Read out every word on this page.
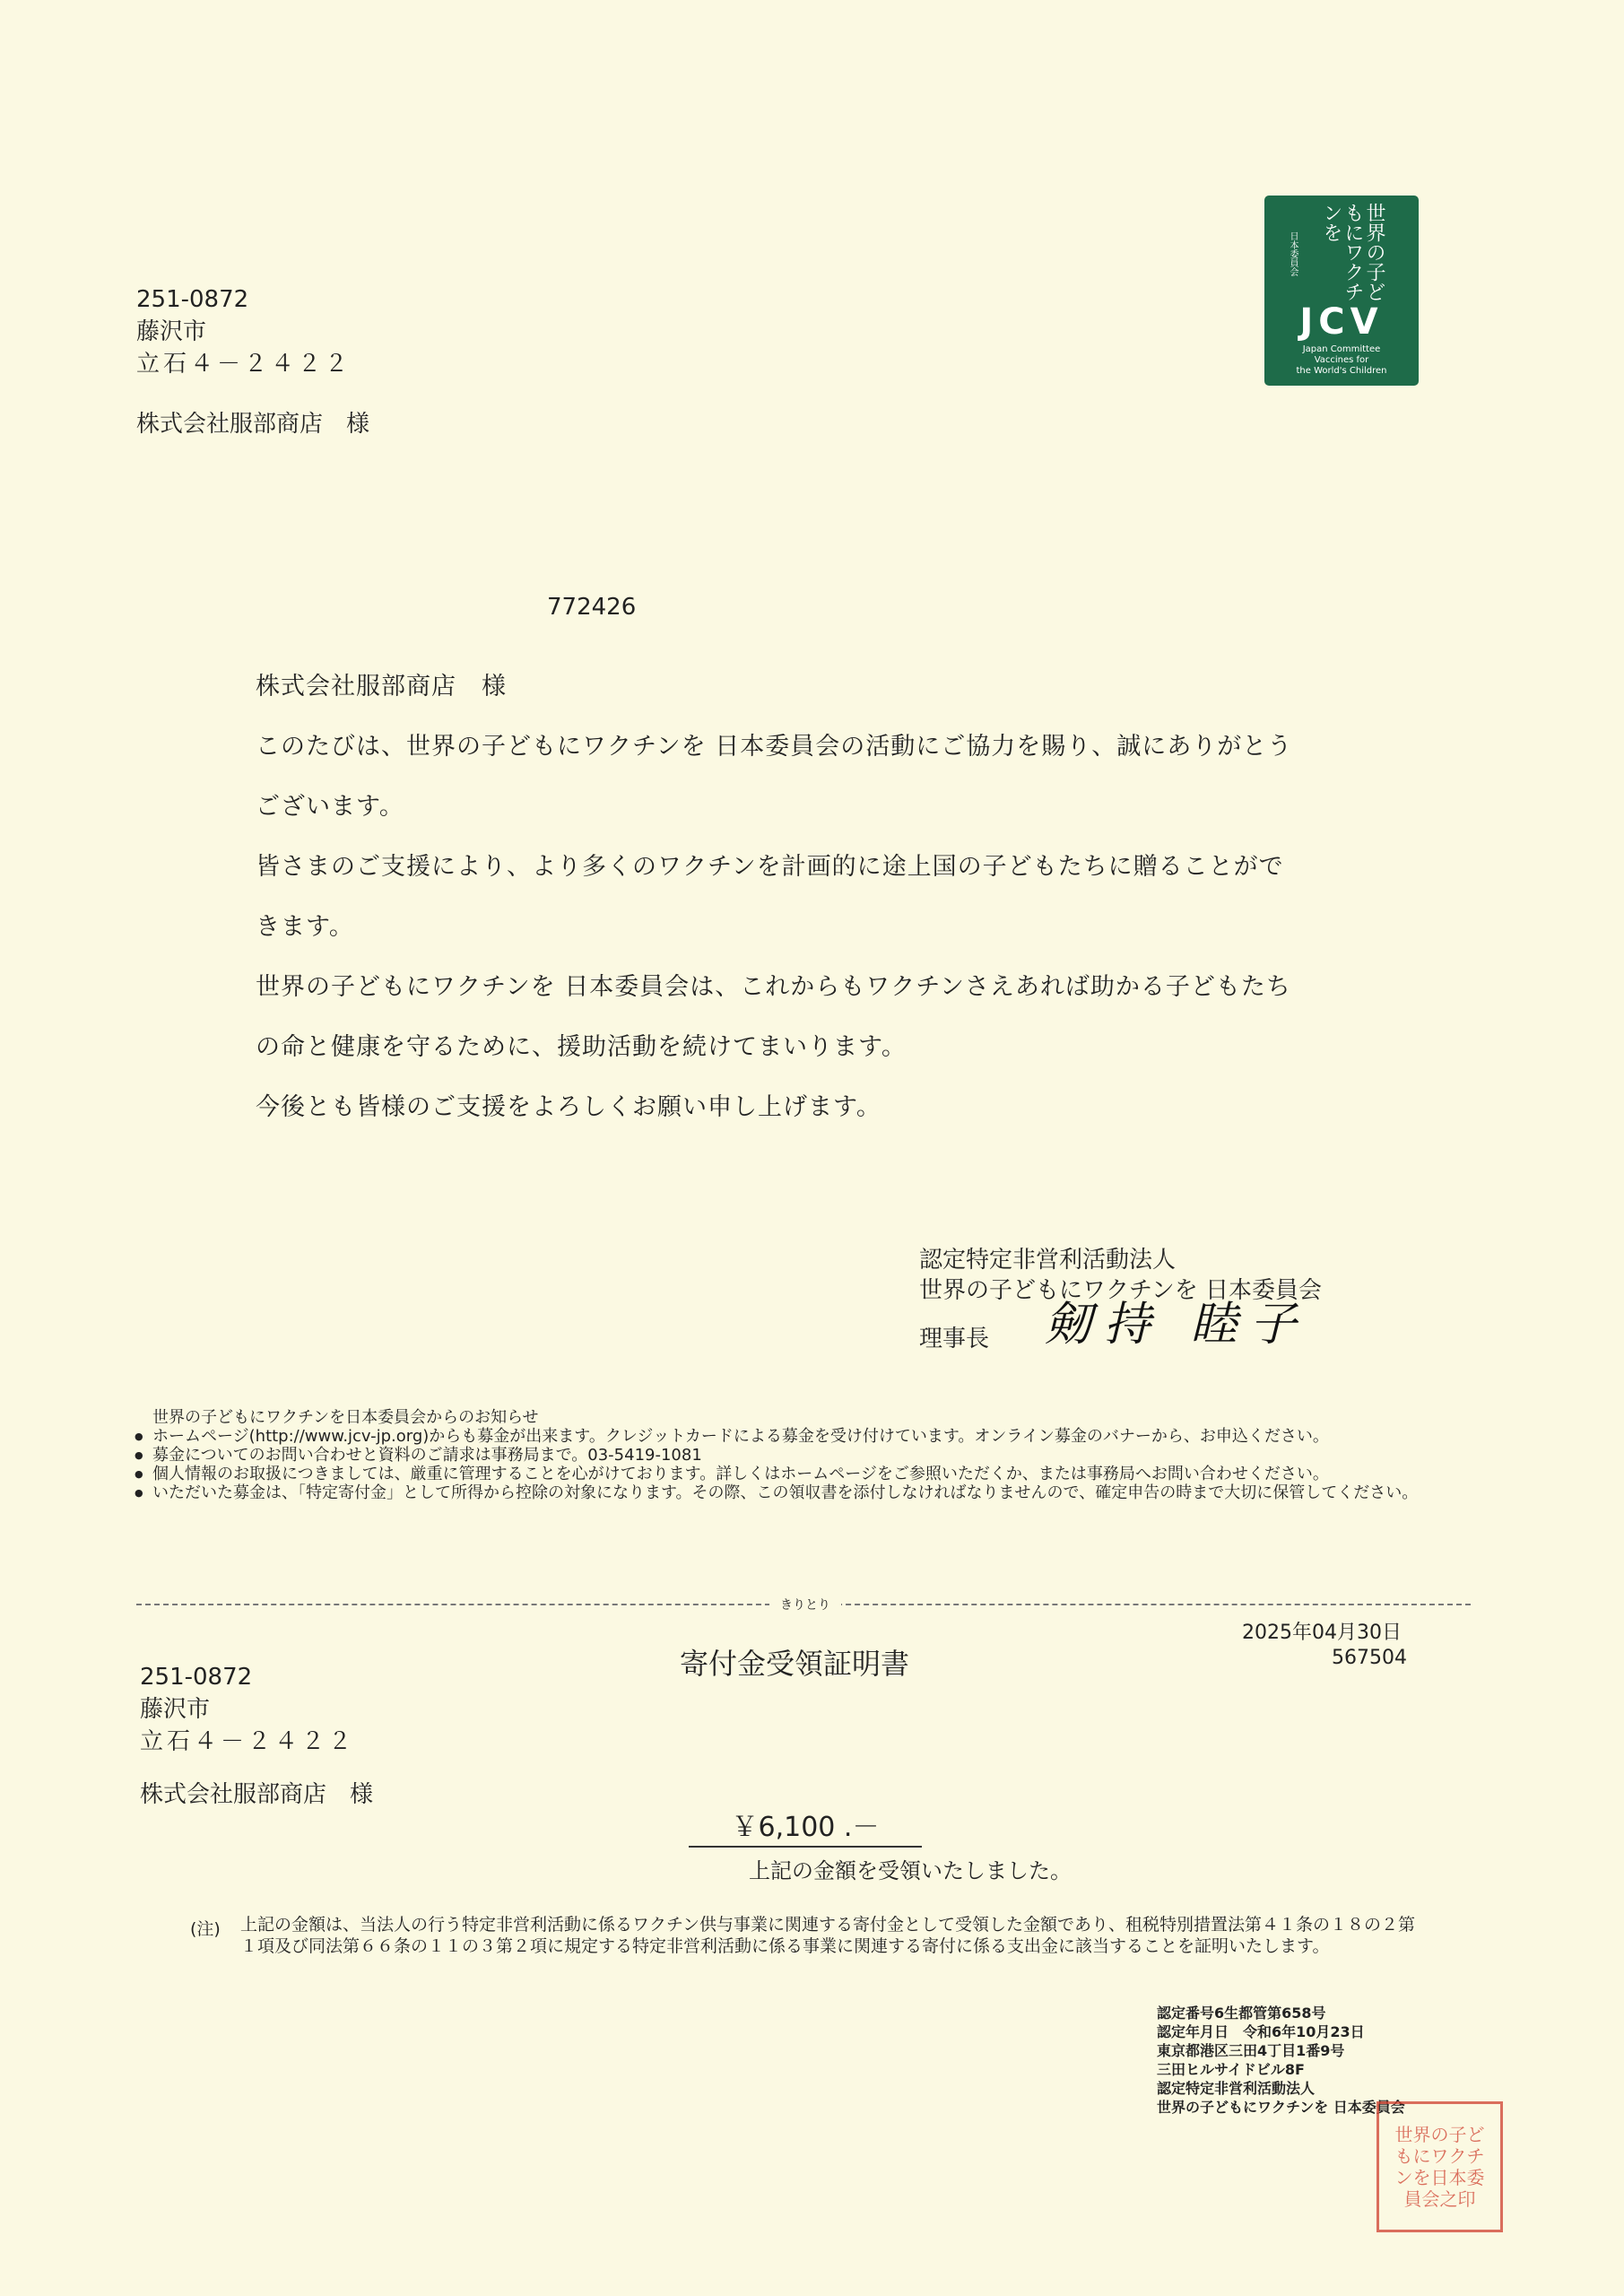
世界の子どもにワクチンを
日本委員会
JCV
Japan Committee
Vaccines for
the World's Children
251-0872
藤沢市
立石４－２４２２
株式会社服部商店　様
772426

株式会社服部商店　様

このたびは、世界の子どもにワクチンを 日本委員会の活動にご協力を賜り、誠にありがとう

ございます。

皆さまのご支援により、より多くのワクチンを計画的に途上国の子どもたちに贈ることがで

きます。

世界の子どもにワクチンを 日本委員会は、これからもワクチンさえあれば助かる子どもたち

の命と健康を守るために、援助活動を続けてまいります。

今後とも皆様のご支援をよろしくお願い申し上げます。

認定特定非営利活動法人
世界の子どもにワクチンを 日本委員会
理事長 剱持 睦子
世界の子どもにワクチンを日本委員会からのお知らせ
● ホームページ(http://www.jcv-jp.org)からも募金が出来ます。クレジットカードによる募金を受け付けています。オンライン募金のバナーから、お申込ください。
● 募金についてのお問い合わせと資料のご請求は事務局まで。03-5419-1081
● 個人情報のお取扱につきましては、厳重に管理することを心がけております。詳しくはホームページをご参照いただくか、または事務局へお問い合わせください。
● いただいた募金は、「特定寄付金」として所得から控除の対象になります。その際、この領収書を添付しなければなりませんので、確定申告の時まで大切に保管してください。
きりとり
2025年04月30日
567504
寄付金受領証明書
251-0872
藤沢市
立石４－２４２２
株式会社服部商店　様
￥6,100 .－
上記の金額を受領いたしました。
(注) 上記の金額は、当法人の行う特定非営利活動に係るワクチン供与事業に関連する寄付金として受領した金額であり、租税特別措置法第４１条の１８の２第１項及び同法第６６条の１１の３第２項に規定する特定非営利活動に係る事業に関連する寄付に係る支出金に該当することを証明いたします。
認定番号6生都管第658号
認定年月日　令和6年10月23日
東京都港区三田4丁目1番9号
三田ヒルサイドビル8F
認定特定非営利活動法人
世界の子どもにワクチンを 日本委員会
世界の子どもにワクチンを日本委員会之印
